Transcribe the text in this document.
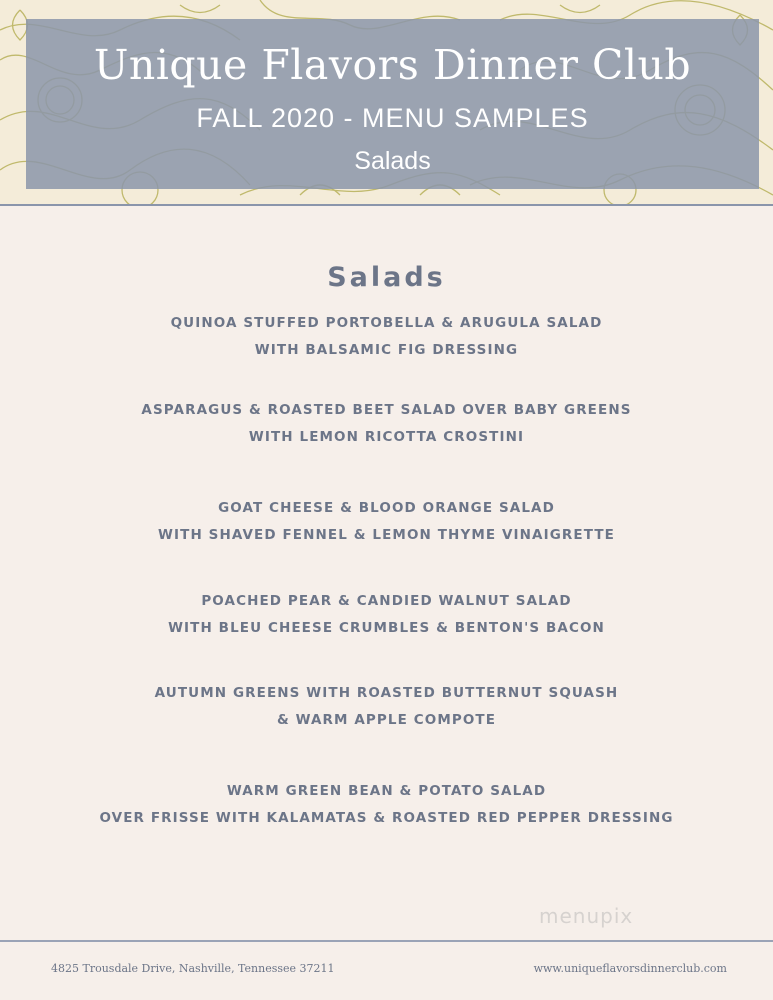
Unique Flavors Dinner Club
FALL 2020 - MENU SAMPLES
Salads
Salads
QUINOA STUFFED PORTOBELLA & ARUGULA SALAD
WITH BALSAMIC FIG DRESSING
ASPARAGUS & ROASTED BEET SALAD OVER BABY GREENS
WITH LEMON RICOTTA CROSTINI
GOAT CHEESE & BLOOD ORANGE SALAD
WITH SHAVED FENNEL & LEMON THYME VINAIGRETTE
POACHED PEAR & CANDIED WALNUT SALAD
WITH BLEU CHEESE CRUMBLES & BENTON'S BACON
AUTUMN GREENS WITH ROASTED BUTTERNUT SQUASH
& WARM APPLE COMPOTE
WARM GREEN BEAN & POTATO SALAD
OVER FRISSE WITH KALAMATAS & ROASTED RED PEPPER DRESSING
menupix
4825 Trousdale Drive, Nashville, Tennessee 37211	www.uniqueflavorsdinnerclub.com
